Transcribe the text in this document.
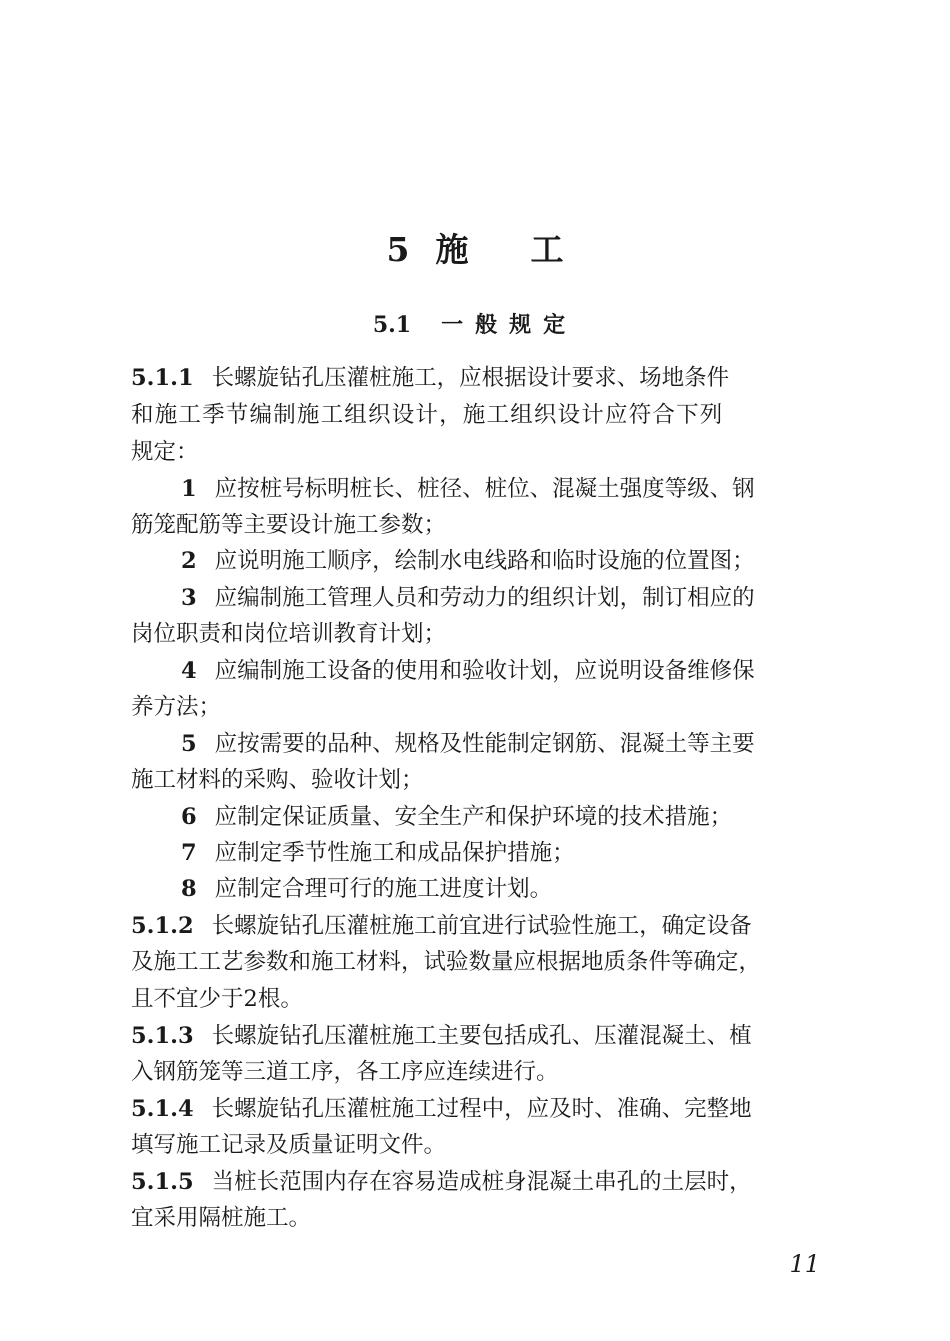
5 施 工
5.1 一般规定
5.1.1 长螺旋钻孔压灌桩施工，应根据设计要求、场地条件
和施工季节编制施工组织设计，施工组织设计应符合下列
规定：
1 应按桩号标明桩长、桩径、桩位、混凝土强度等级、钢
筋笼配筋等主要设计施工参数；
2 应说明施工顺序，绘制水电线路和临时设施的位置图；
3 应编制施工管理人员和劳动力的组织计划，制订相应的
岗位职责和岗位培训教育计划；
4 应编制施工设备的使用和验收计划，应说明设备维修保
养方法；
5 应按需要的品种、规格及性能制定钢筋、混凝土等主要
施工材料的采购、验收计划；
6 应制定保证质量、安全生产和保护环境的技术措施；
7 应制定季节性施工和成品保护措施；
8 应制定合理可行的施工进度计划。
5.1.2 长螺旋钻孔压灌桩施工前宜进行试验性施工，确定设备
及施工工艺参数和施工材料，试验数量应根据地质条件等确定，
且不宜少于2根。
5.1.3 长螺旋钻孔压灌桩施工主要包括成孔、压灌混凝土、植
入钢筋笼等三道工序，各工序应连续进行。
5.1.4 长螺旋钻孔压灌桩施工过程中，应及时、准确、完整地
填写施工记录及质量证明文件。
5.1.5 当桩长范围内存在容易造成桩身混凝土串孔的土层时，
宜采用隔桩施工。
11
